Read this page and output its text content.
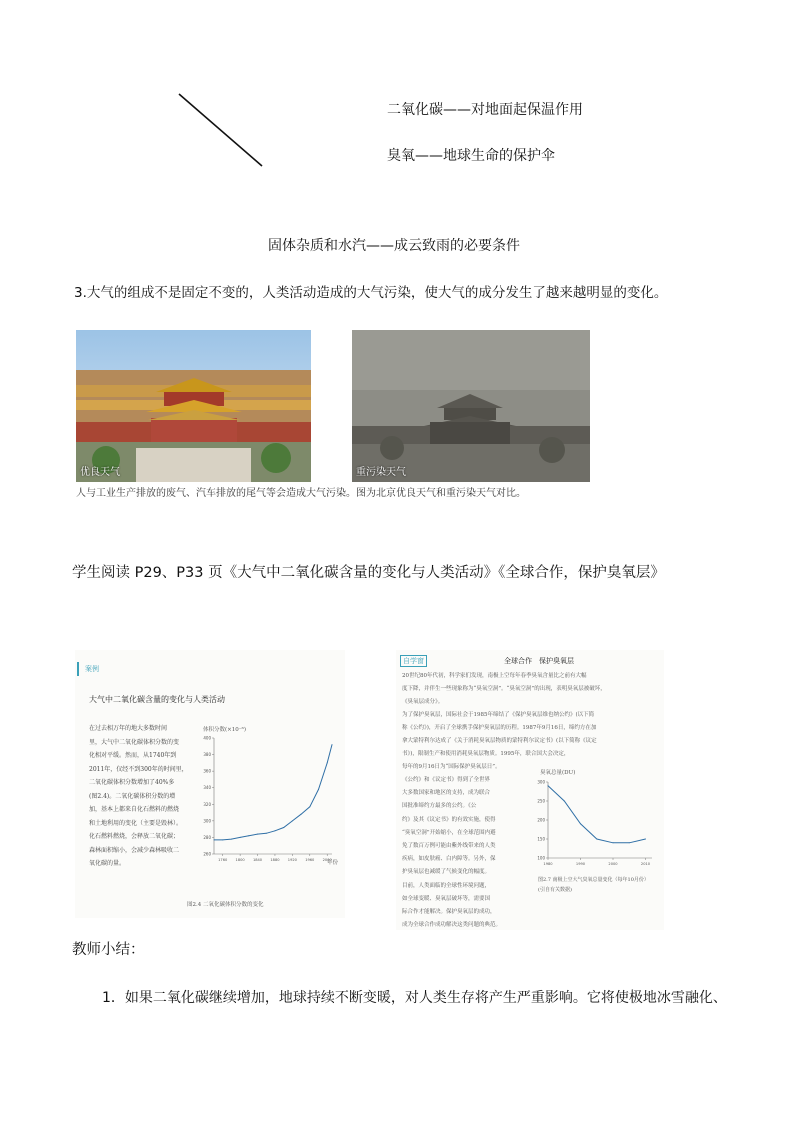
二氧化碳——对地面起保温作用
臭氧——地球生命的保护伞
固体杂质和水汽——成云致雨的必要条件
3.大气的组成不是固定不变的，人类活动造成的大气污染，使大气的成分发生了越来越明显的变化。
优良天气	重污染天气
人与工业生产排放的废气、汽车排放的尾气等会造成大气污染。图为北京优良天气和重污染天气对比。
学生阅读 P29、P33 页《大气中二氧化碳含量的变化与人类活动》《全球合作，保护臭氧层》
案例
大气中二氧化碳含量的变化与人类活动
在过去相万年的地大多数时间
里，大气中二氧化碳体积分数的变
化相对平缓。然而，从1740年到
2011年，仅经不到300年的时间里，
二氧化碳体积分数增加了40%多
(图2.4)。二氧化碳体积分数的增
加，基本上都来自化石燃料的燃烧
和土地利用的变化（主要是毁林）。
化石燃料燃烧，会释放二氧化碳；
森林面积缩小，会减少森林吸收二
氧化碳的量。
体积分数(×10⁻⁶)
260
280
300
320
340
360
380
400
1760 1800 1840 1880 1920 1960 2000
年份
图2.4 二氧化碳体积分数的变化
自学窗	全球合作　保护臭氧层
20世纪80年代初，科学家们发现，南极上空每年春季臭氧含量比之前有大幅
度下降，并伴生一些现象称为“臭氧空洞”。“臭氧空洞”的出现，表明臭氧层被破坏，
《臭氧层成分》。
为了保护臭氧层，国际社会于1985年缔结了《保护臭氧层维也纳公约》(以下简
称《公约》)，开启了全球携手保护臭氧层的历程。1987年9月16日，缔约方在加
拿大蒙特利尔达成了《关于消耗臭氧层物质的蒙特利尔议定书》(以下简称《议定
书》)，限制生产和使用消耗臭氧层物质。1995年，联合国大会决定，
每年的9月16日为“国际保护臭氧层日”。
《公约》和《议定书》得到了全世界
大多数国家和地区的支持，成为联合
国批准缔约方最多的公约。《公
约》及其《议定书》的有效实施，使得
“臭氧空洞”开始缩小，在全球范围内避
免了数百万例可能由紫外线带来的人类
疾病，如皮肤癌、白内障等。另外，保
护臭氧层也减缓了气候变化的幅度。
目前，人类面临的全球性环境问题，
如全球变暖、臭氧层破坏等，需要国
际合作才能解决。保护臭氧层的成功，
成为全球合作成功解决这类问题的典范。
臭氧总量(DU)
100
150
200
250
300
1980	1990	2000	2010
图2.7 南极上空大气臭氧总量变化（每年10月份）
(引自有关数据)
教师小结：
1．如果二氧化碳继续增加，地球持续不断变暖，对人类生存将产生严重影响。它将使极地冰雪融化、
